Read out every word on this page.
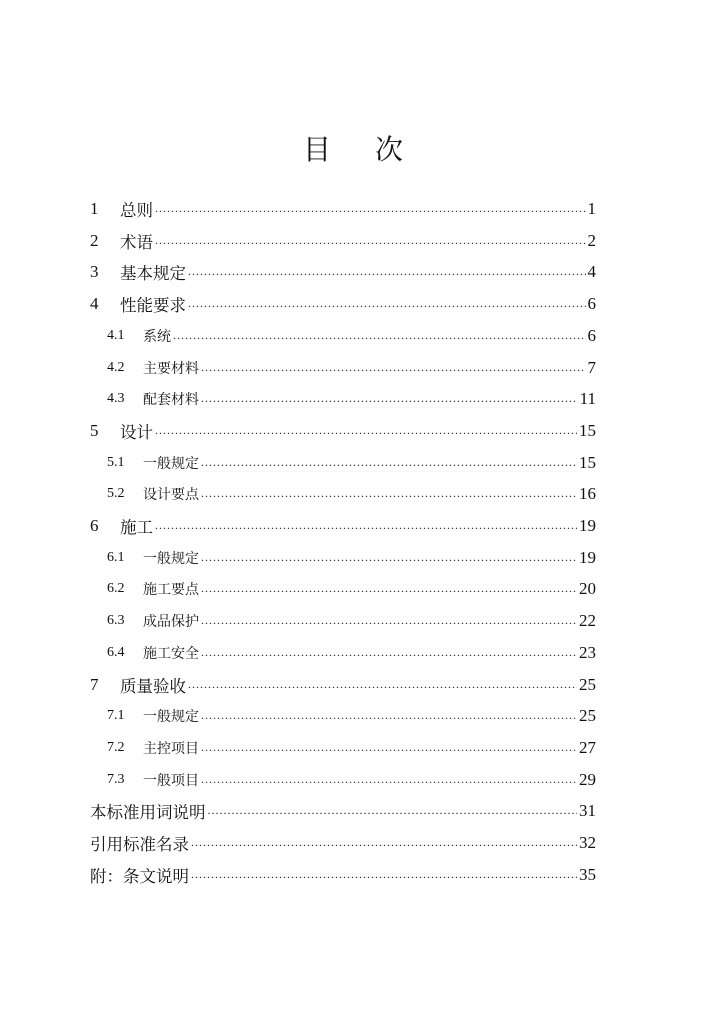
目 次
1	总则 .....	1
2	术语 .....	2
3	基本规定 .....	4
4	性能要求 .....	6
4.1	系统 .....	6
4.2	主要材料 .....	7
4.3	配套材料 .....	11
5	设计 .....	15
5.1	一般规定 .....	15
5.2	设计要点 .....	16
6	施工 .....	19
6.1	一般规定 .....	19
6.2	施工要点 .....	20
6.3	成品保护 .....	22
6.4	施工安全 .....	23
7	质量验收 .....	25
7.1	一般规定 .....	25
7.2	主控项目 .....	27
7.3	一般项目 .....	29
本标准用词说明 .....	31
引用标准名录 .....	32
附：条文说明 .....	35
